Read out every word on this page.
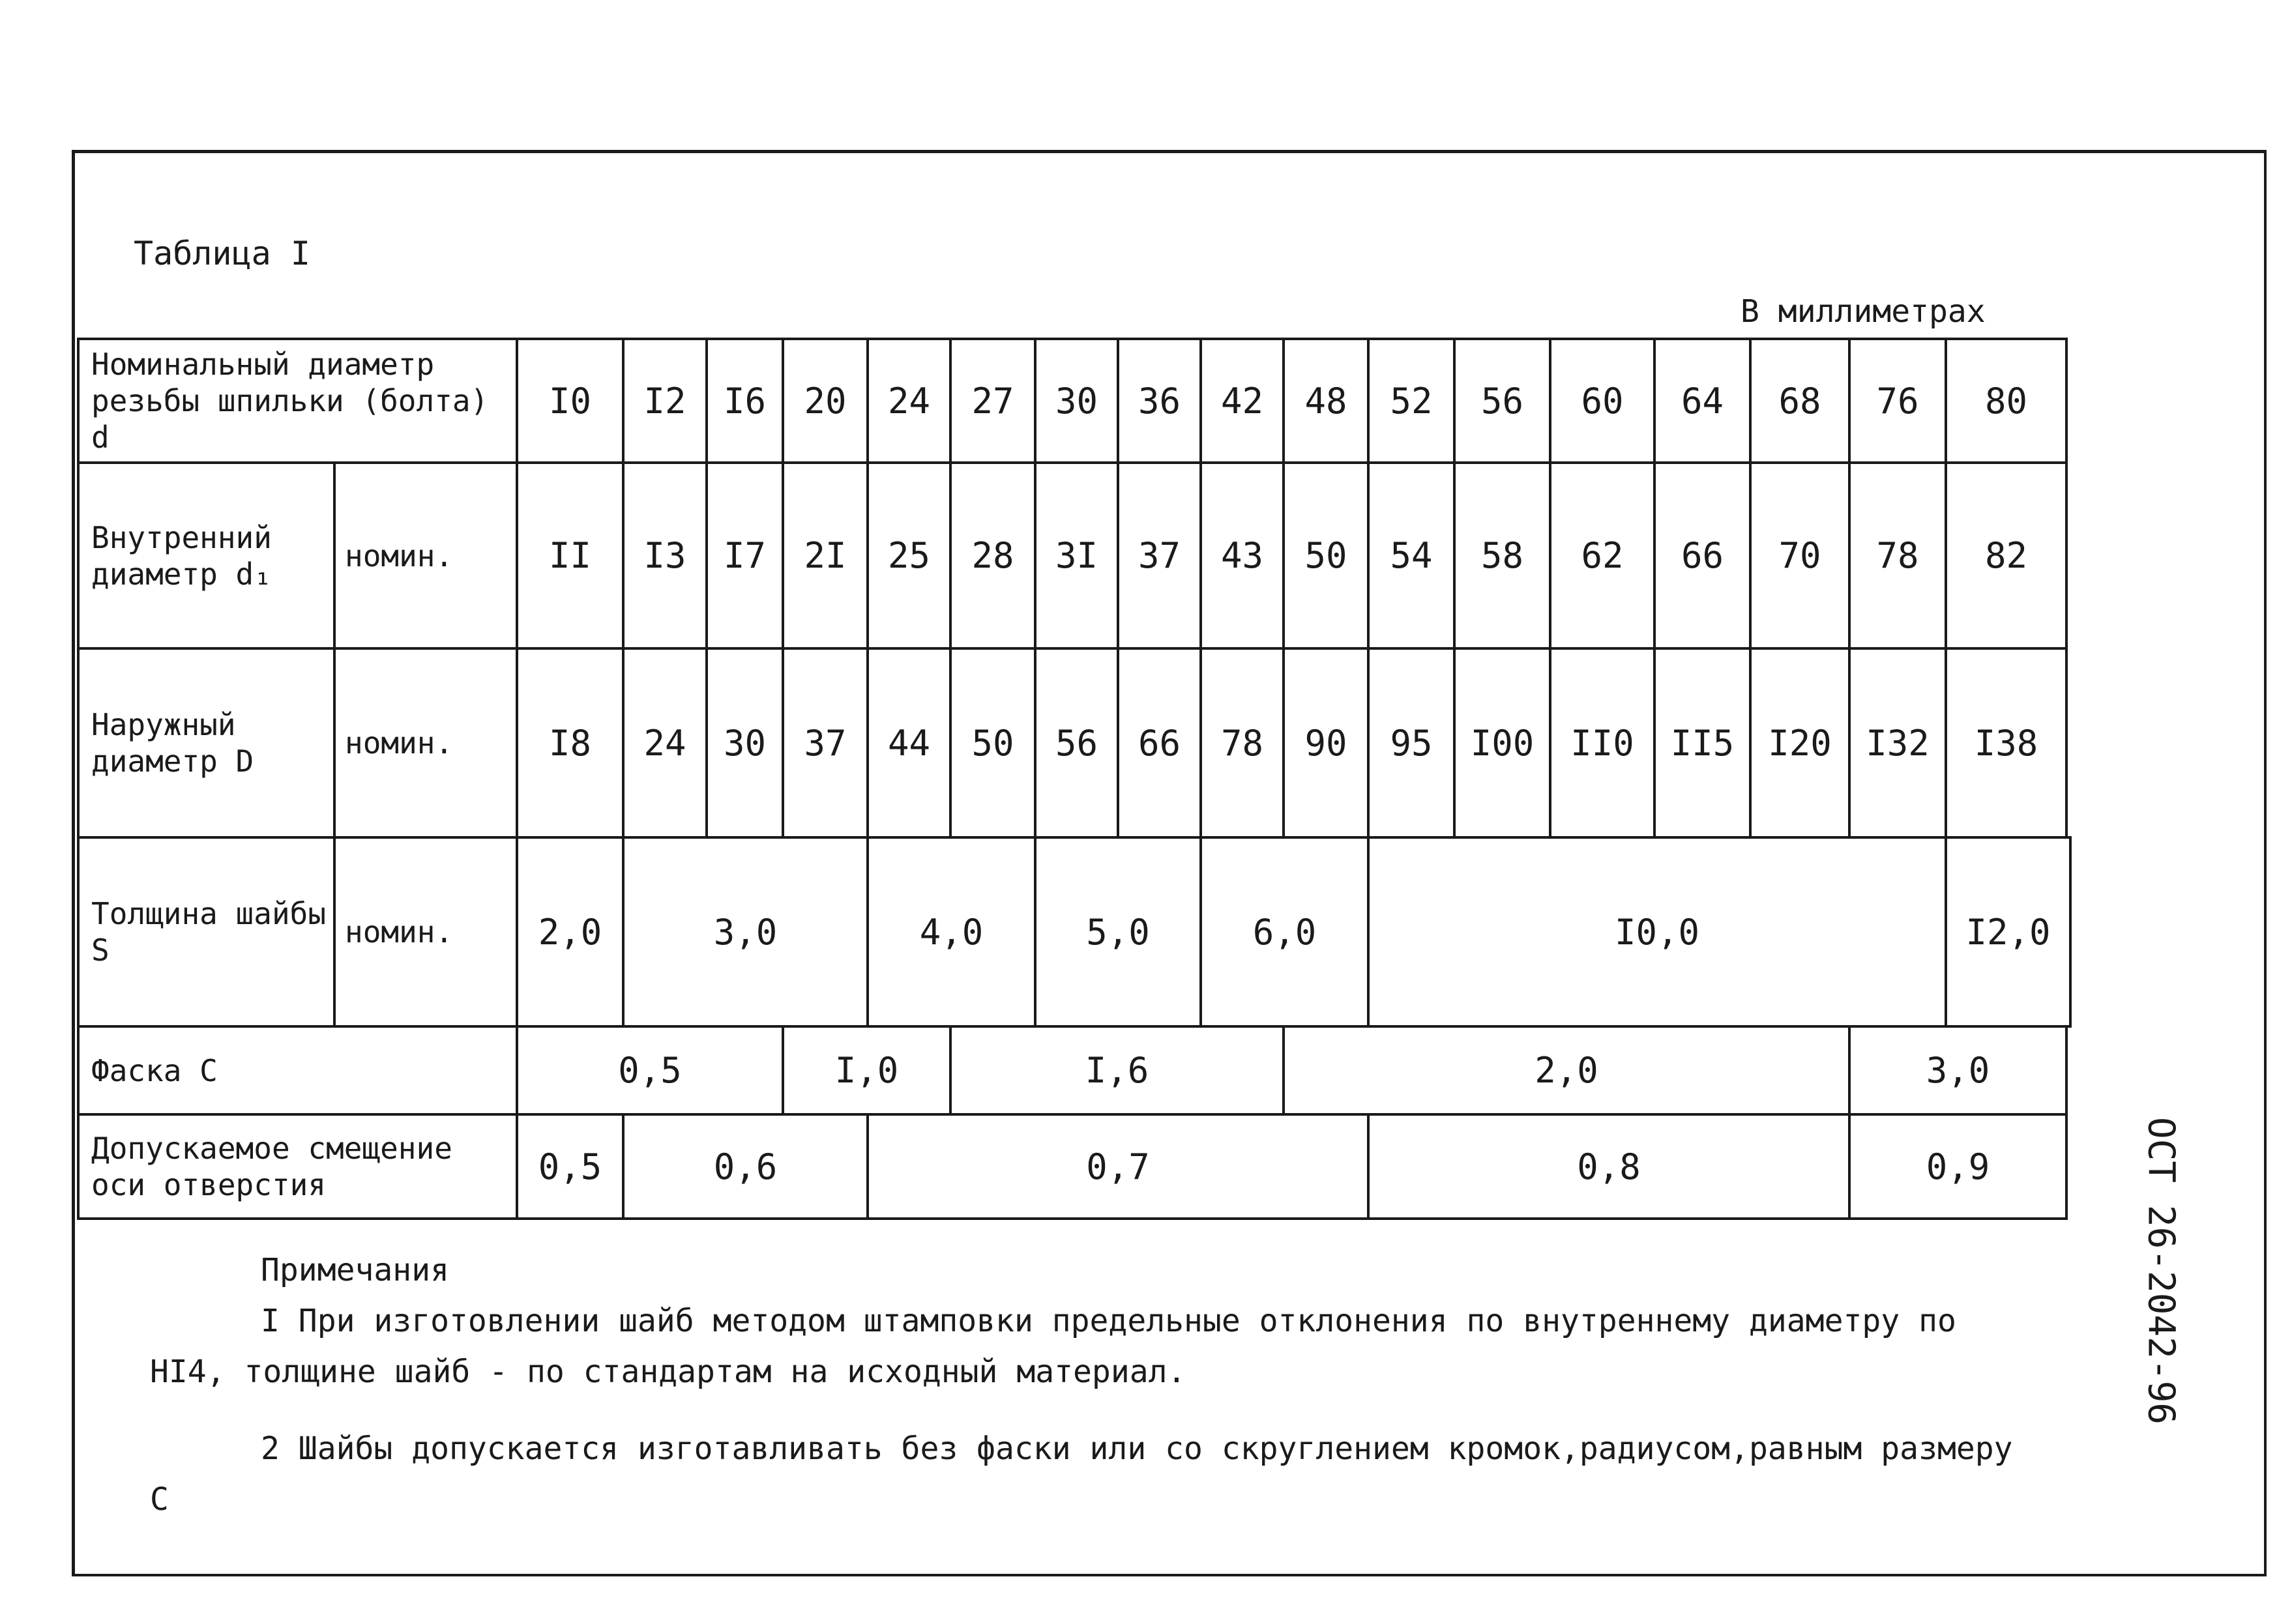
Таблица I
В миллиметрах
ОСТ 26-2042-96
Номинальный диаметр резьбы шпильки (болта) d		I0	I2	I6	20	24	27	30	36	42	48	52	56	60	64	68	76	80
Внутренний диаметр d₁	номин.	II	I3	I7	2I	25	28	3I	37	43	50	54	58	62	66	70	78	82
Наружный диаметр D	номин.	I8	24	30	37	44	50	56	66	78	90	95	I00	II0	II5	I20	I32	I38
Толщина шайбы S	номин.	2,0	3,0			4,0		5,0		6,0		I0,0						I2,0
Фаска C		0,5			I,0		I,6				2,0						3,0	
Допускаемое смещение оси отверстия		0,5	0,6			0,7						0,8					0,9	
Примечания

I При изготовлении шайб методом штамповки предельные отклонения по внутреннему диаметру по HI4, толщине шайб - по стандартам на исходный материал.

2 Шайбы допускается изготавливать без фаски или со скруглением кромок,радиусом,равным размеру C
